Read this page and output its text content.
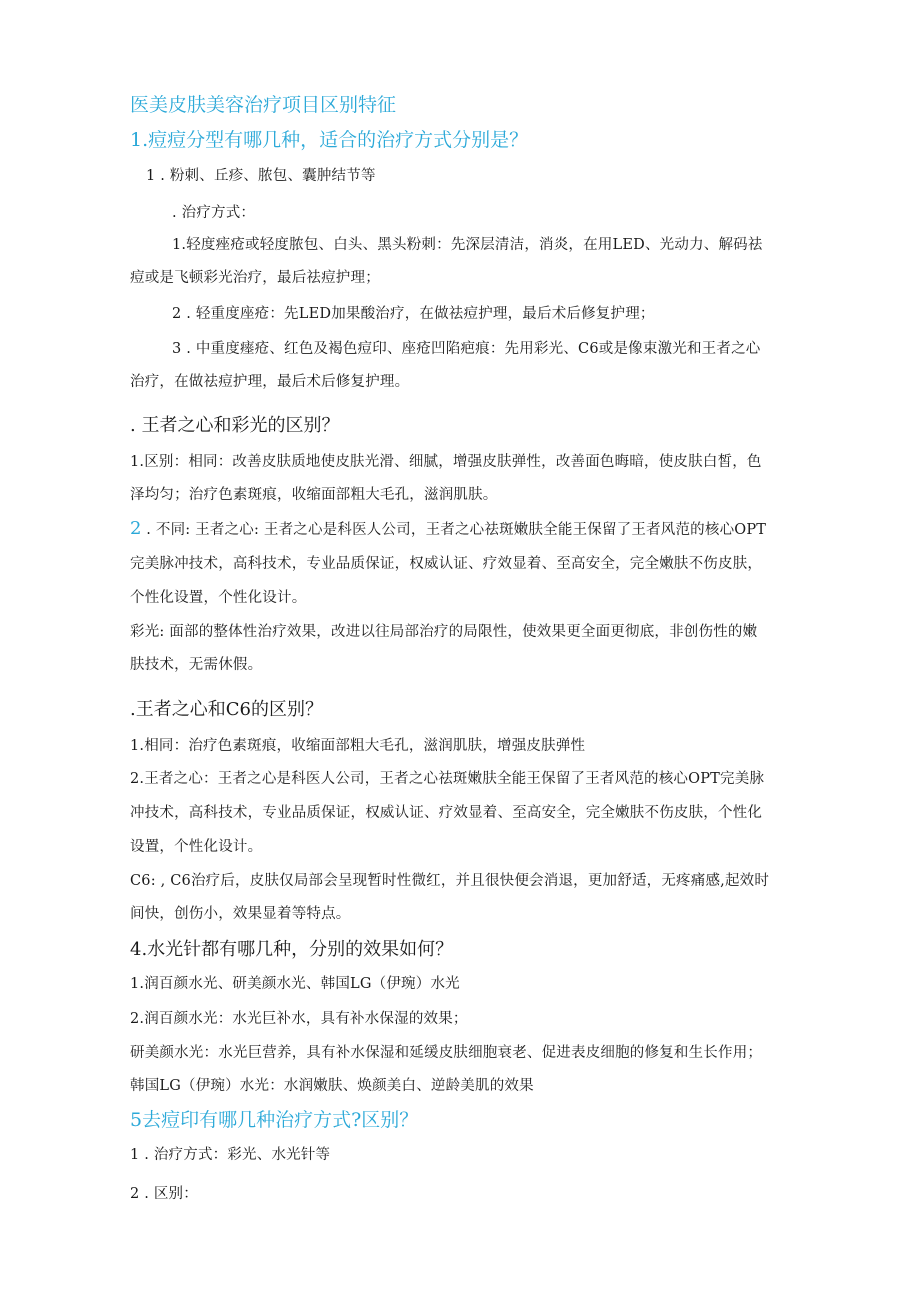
医美皮肤美容治疗项目区别特征
1.痘痘分型有哪几种，适合的治疗方式分别是？
1 . 粉刺、丘疹、脓包、囊肿结节等
. 治疗方式：
1.轻度痤疮或轻度脓包、白头、黑头粉刺：先深层清洁，消炎，在用LED、光动力、解码祛
痘或是飞顿彩光治疗，最后祛痘护理；
2 . 轻重度座疮：先LED加果酸治疗，在做祛痘护理，最后术后修复护理；
3 . 中重度瘗疮、红色及褐色痘印、座疮凹陷疤痕：先用彩光、C6或是像束激光和王者之心
治疗，在做祛痘护理，最后术后修复护理。
. 王者之心和彩光的区别？
1.区别：相同：改善皮肤质地使皮肤光滑、细腻，增强皮肤弹性，改善面色晦暗，使皮肤白皙，色
泽均匀；治疗色素斑痕，收缩面部粗大毛孔，滋润肌肤。
2 . 不同: 王者之心: 王者之心是科医人公司，王者之心祛斑嫩肤全能王保留了王者风范的核心OPT
完美脉冲技术，高科技术，专业品质保证，权威认证、疗效显着、至高安全，完全嫩肤不伤皮肤，
个性化设置，个性化设计。
彩光: 面部的整体性治疗效果，改进以往局部治疗的局限性，使效果更全面更彻底，非创伤性的嫩
肤技术，无需休假。
.王者之心和C6的区别？
1.相同：治疗色素斑痕，收缩面部粗大毛孔，滋润肌肤，增强皮肤弹性
2.王者之心：王者之心是科医人公司，王者之心祛斑嫩肤全能王保留了王者风范的核心OPT完美脉
冲技术，高科技术，专业品质保证，权威认证、疗效显着、至高安全，完全嫩肤不伤皮肤，个性化
设置，个性化设计。
C6: , C6治疗后，皮肤仅局部会呈现暂时性微红，并且很快便会消退，更加舒适，无疼痛感,起效时
间快，创伤小，效果显着等特点。
4.水光针都有哪几种，分别的效果如何？
1.润百颜水光、研美颜水光、韩国LG（伊琬）水光
2.润百颜水光：水光巨补水，具有补水保湿的效果；
研美颜水光：水光巨营养，具有补水保湿和延缓皮肤细胞衰老、促进表皮细胞的修复和生长作用；
韩国LG（伊琬）水光：水润嫩肤、焕颜美白、逆龄美肌的效果
5去痘印有哪几种治疗方式?区别？
1 . 治疗方式：彩光、水光针等
2 . 区别：
